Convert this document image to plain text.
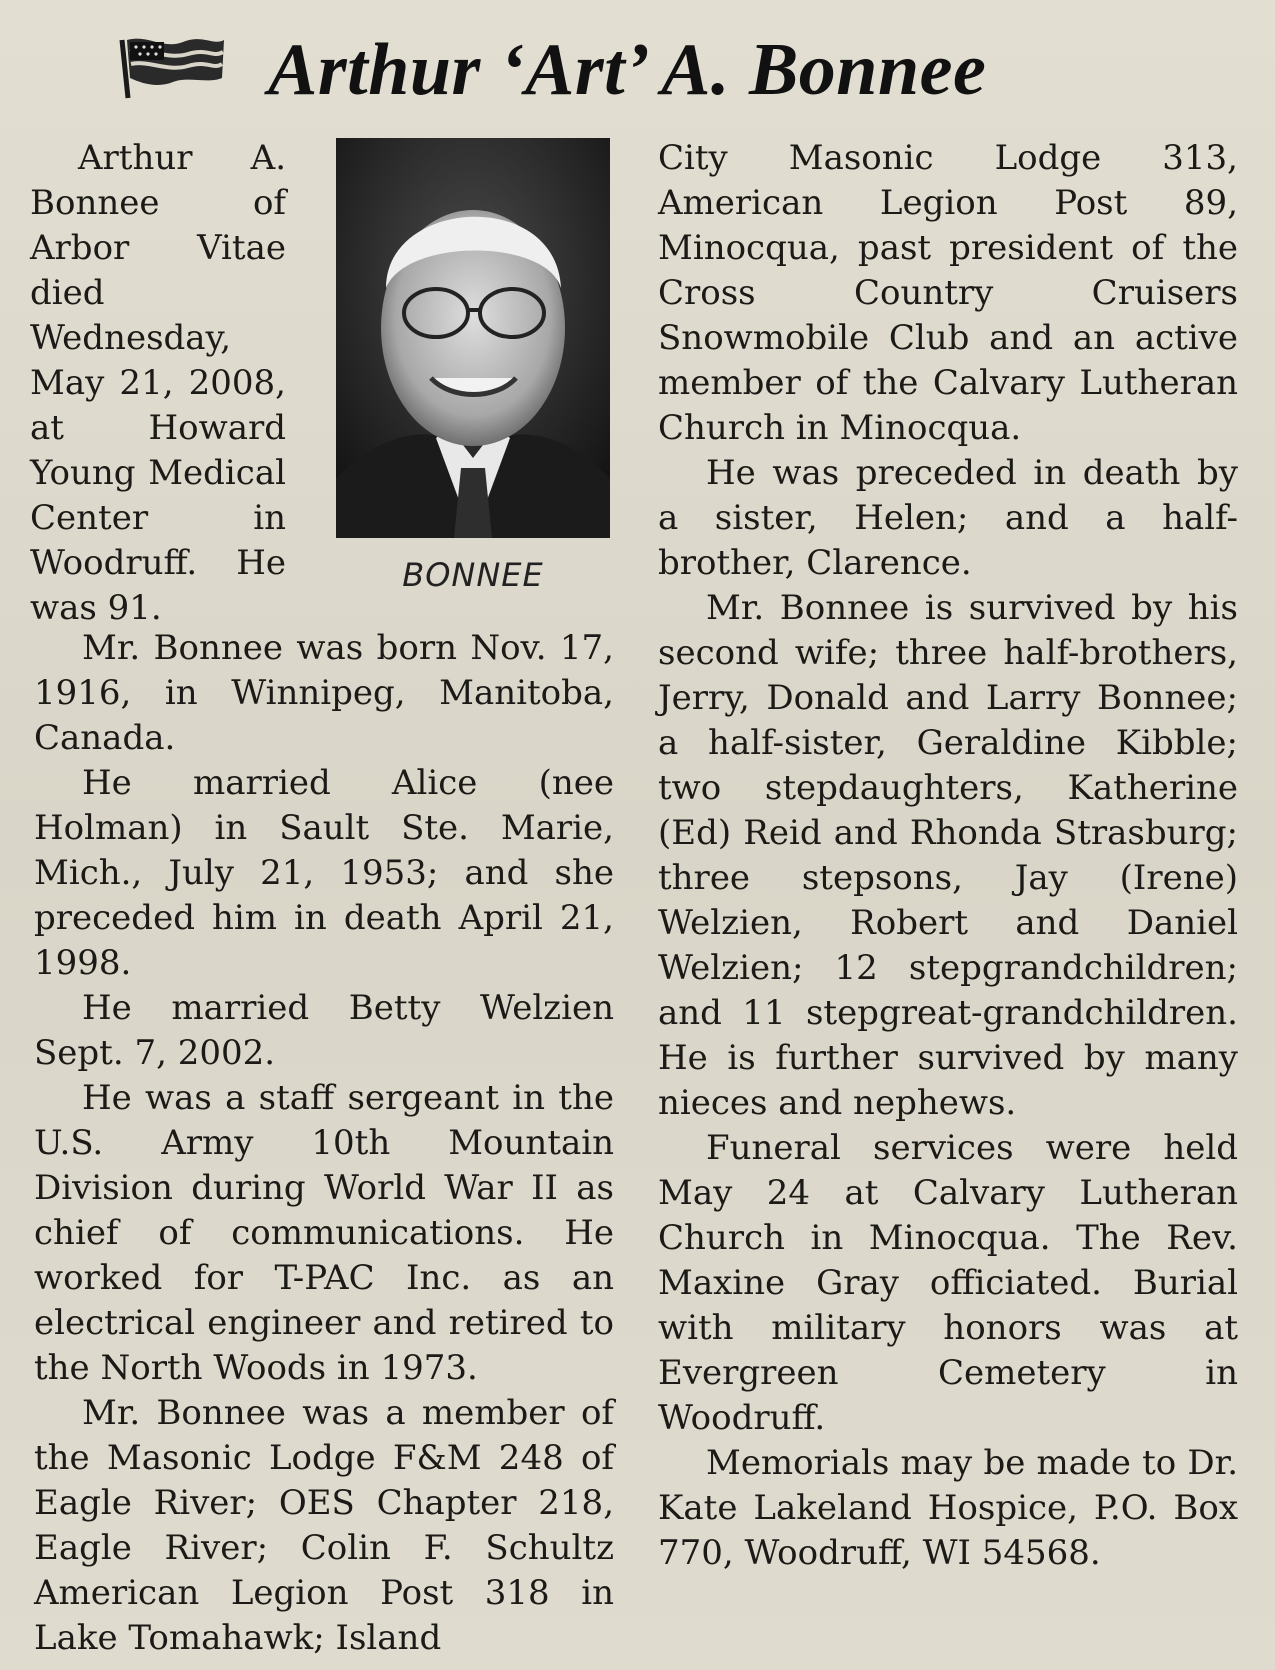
Arthur ‘Art’ A. Bonnee
BONNEE

Arthur A. Bonnee of Arbor Vitae died Wednesday, May 21, 2008, at Howard Young Medical Center in Woodruff. He was 91.

Mr. Bonnee was born Nov. 17, 1916, in Winnipeg, Manitoba, Canada.

He married Alice (nee Holman) in Sault Ste. Marie, Mich., July 21, 1953; and she preceded him in death April 21, 1998.

He married Betty Welzien Sept. 7, 2002.

He was a staff sergeant in the U.S. Army 10th Mountain Division during World War II as chief of communications. He worked for T-PAC Inc. as an electrical engineer and retired to the North Woods in 1973.

Mr. Bonnee was a member of the Masonic Lodge F&M 248 of Eagle River; OES Chapter 218, Eagle River; Colin F. Schultz American Legion Post 318 in Lake Tomahawk; Island

City Masonic Lodge 313, American Legion Post 89, Minocqua, past president of the Cross Country Cruisers Snowmobile Club and an active member of the Calvary Lutheran Church in Minocqua.

He was preceded in death by a sister, Helen; and a half-brother, Clarence.

Mr. Bonnee is survived by his second wife; three half-brothers, Jerry, Donald and Larry Bonnee; a half-sister, Geraldine Kibble; two stepdaughters, Katherine (Ed) Reid and Rhonda Strasburg; three stepsons, Jay (Irene) Welzien, Robert and Daniel Welzien; 12 stepgrandchildren; and 11 stepgreat-grandchildren. He is further survived by many nieces and nephews.

Funeral services were held May 24 at Calvary Lutheran Church in Minocqua. The Rev. Maxine Gray officiated. Burial with military honors was at Evergreen Cemetery in Woodruff.

Memorials may be made to Dr. Kate Lakeland Hospice, P.O. Box 770, Woodruff, WI 54568.
